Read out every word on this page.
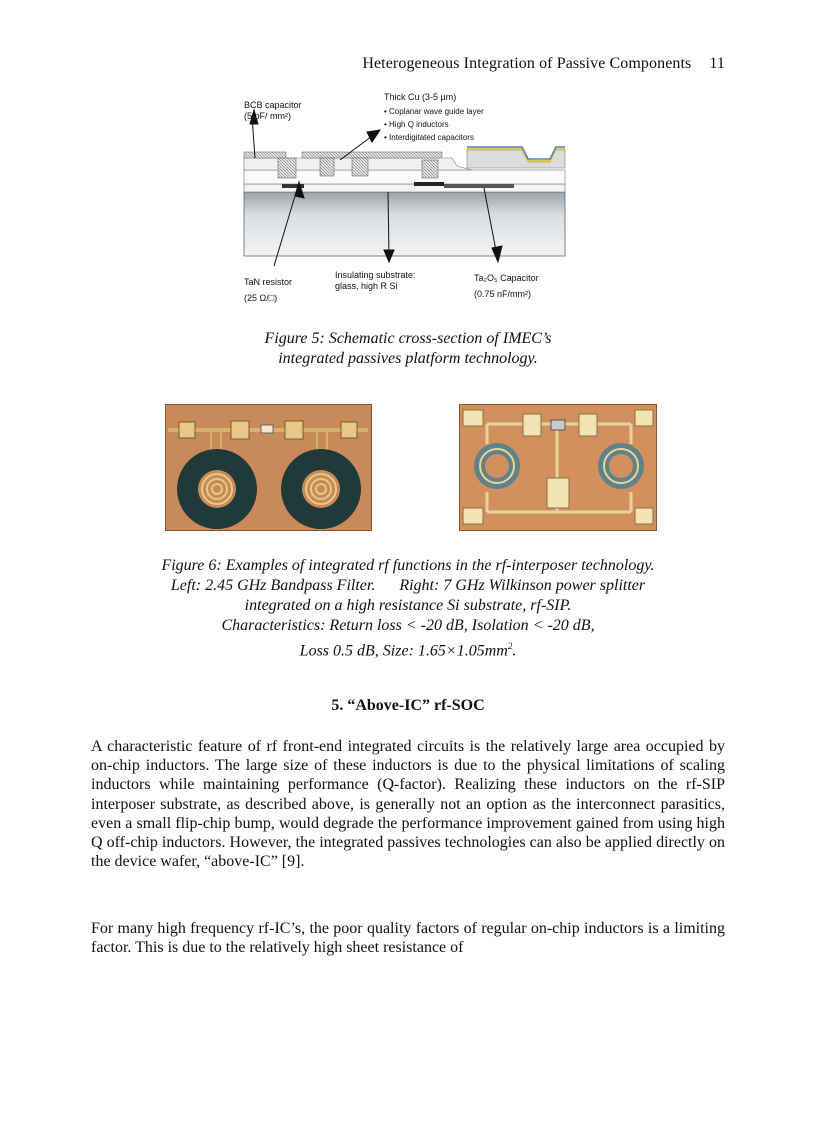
Heterogeneous Integration of Passive Components 11
BCB capacitor
(5 pF/ mm²)
Thick Cu (3-5 μm)
• Coplanar wave guide layer
• High Q inductors
• Interdigitated capacitors
TaN resistor
(25 Ω/□)
Insulating substrate:
glass, high R Si
Ta₂O₅ Capacitor
(0.75 nF/mm²)
Figure 5: Schematic cross-section of IMEC’s
integrated passives platform technology.
Figure 6: Examples of integrated rf functions in the rf-interposer technology.
Left: 2.45 GHz Bandpass Filter.      Right: 7 GHz Wilkinson power splitter
integrated on a high resistance Si substrate, rf-SIP.
Characteristics: Return loss < -20 dB, Isolation < -20 dB,
Loss 0.5 dB, Size: $1.65\times 1.05mm^2$.
5. “Above-IC” rf-SOC
A characteristic feature of rf front-end integrated circuits is the relatively large area occupied by on-chip inductors. The large size of these inductors is due to the physical limitations of scaling inductors while maintaining performance (Q-factor). Realizing these inductors on the rf-SIP interposer substrate, as described above, is generally not an option as the interconnect parasitics, even a small flip-chip bump, would degrade the performance improvement gained from using high Q off-chip inductors. However, the integrated passives technologies can also be applied directly on the device wafer, “above-IC” [9].
For many high frequency rf-IC’s, the poor quality factors of regular on-chip inductors is a limiting factor. This is due to the relatively high sheet resistance of
